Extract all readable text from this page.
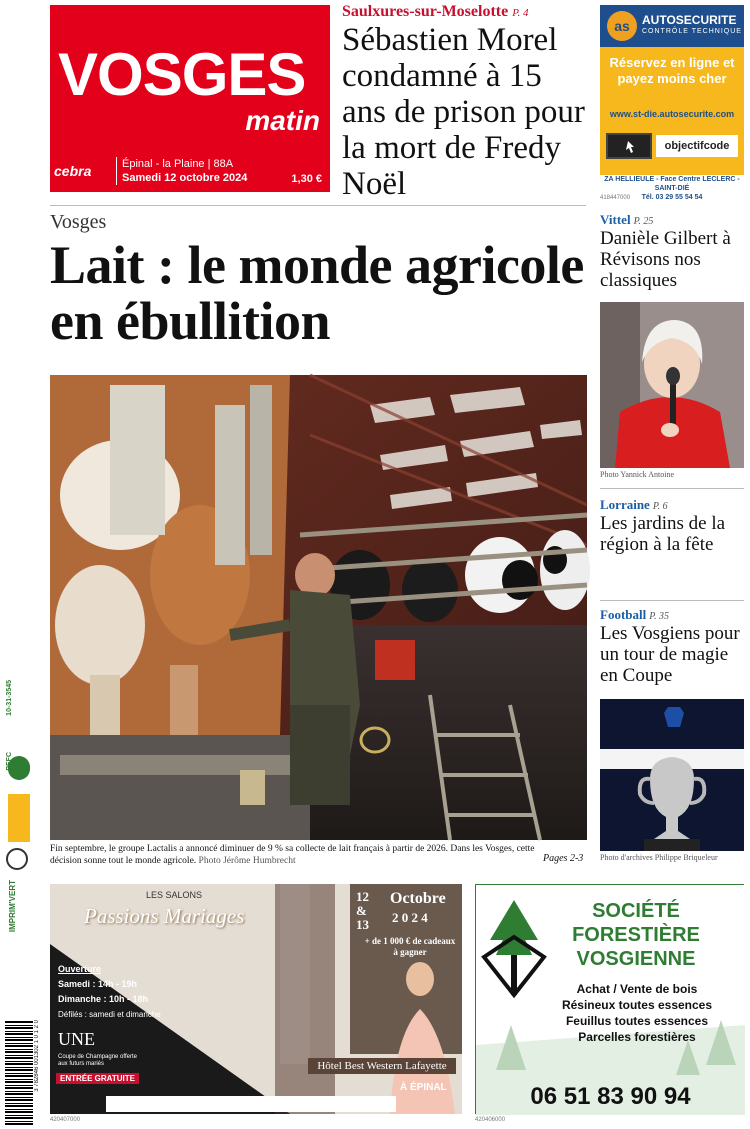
VOSGES
matin
cebra	Épinal - la Plaine | 88A
Samedi 12 octobre 2024	1,30 €
Saulxures-sur-Moselotte P. 4
Sébastien Morel condamné à 15 ans de prison pour la mort de Fredy Noël
as	AUTOSECURITE
CONTRÔLE TECHNIQUE
Réservez en ligne et payez moins cher
www.st-die.autosecurite.com
objectifcode
ZA HELLIEULE - Face Centre LECLERC - SAINT-DIÉ
Tél. 03 29 55 54 54
418447000
Vosges
Lait : le monde agricole en ébullition
Fin septembre, le groupe Lactalis a annoncé diminuer de 9 % sa collecte de lait français à partir de 2026. Dans les Vosges, cette décision sonne tout le monde agricole. Photo Jérôme Humbrecht	Pages 2-3
Vittel P. 25
Danièle Gilbert à Révisons nos classiques
Photo Yannick Antoine
Lorraine P. 6
Les jardins de la région à la fête
Football P. 35
Les Vosgiens pour un tour de magie en Coupe
Photo d'archives Philippe Briqueleur
LES SALONS
Passions Mariages
12 & 13
Octobre
2 0 2 4
+ de 1 000 € de cadeaux à gagner
Ouverture
Samedi : 14h - 19h
Dimanche : 10h - 18h
Défilés : samedi et dimanche
UNE
Coupe de Champagne offerte aux futurs mariés
ENTRÉE GRATUITE
Hôtel Best Western Lafayette
À ÉPINAL
420407000
SOCIÉTÉ FORESTIÈRE VOSGIENNE
Achat / Vente de bois
Résineux toutes essences
Feuillus toutes essences
Parcelles forestières
06 51 83 90 94
420406000
10-31-3545
PEFC
IMPRIM'VERT
3 782846 001302 1 0 1 2 0
